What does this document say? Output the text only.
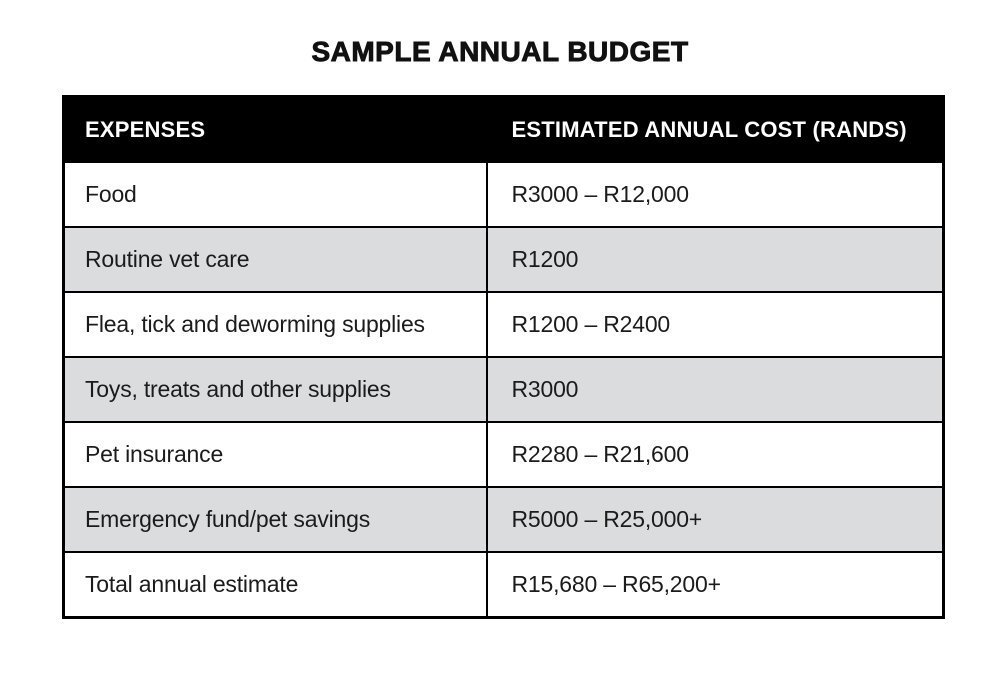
SAMPLE ANNUAL BUDGET
EXPENSES	ESTIMATED ANNUAL COST (RANDS)
Food	R3000 – R12,000
Routine vet care	R1200
Flea, tick and deworming supplies	R1200 – R2400
Toys, treats and other supplies	R3000
Pet insurance	R2280 – R21,600
Emergency fund/pet savings	R5000 – R25,000+
Total annual estimate	R15,680 – R65,200+
